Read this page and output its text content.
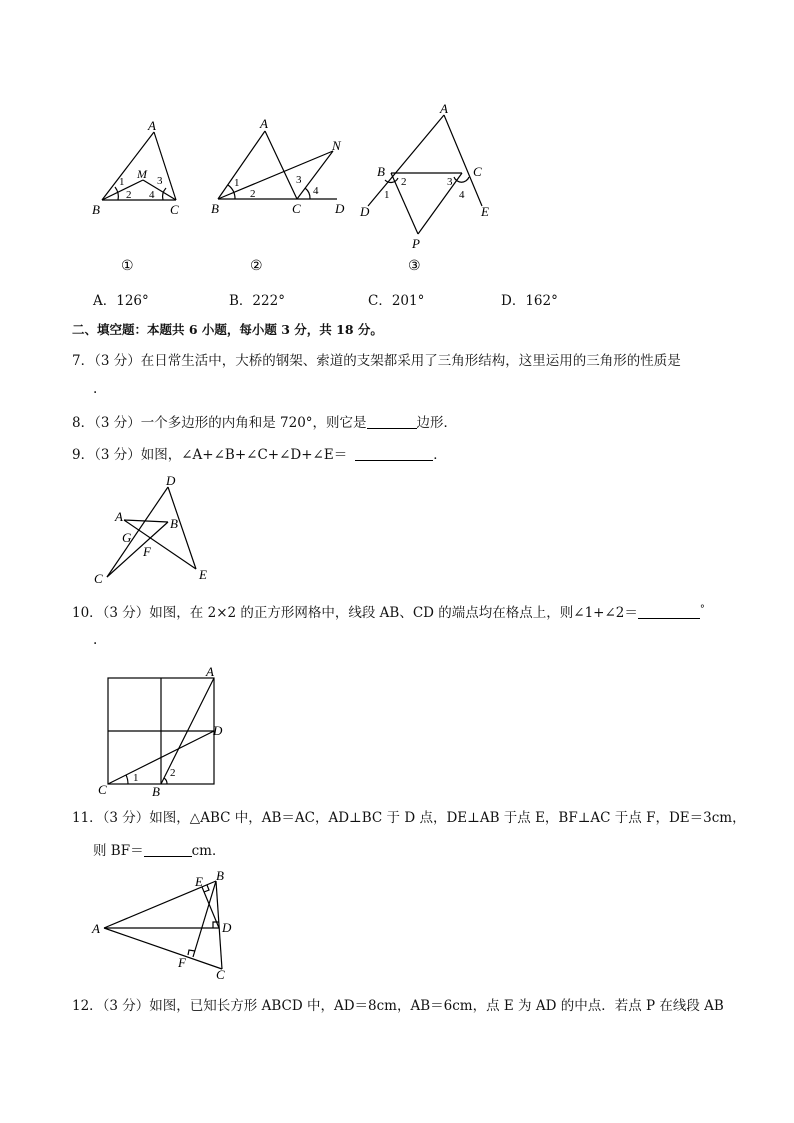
A
B	C
M
1
2
3
4
①
A
B	C	D
N
1
2
3
4
②
A
B	C
D	E
P
1
2	3
4
③
A．126°	B．222°	C．201°	D．162°
二、填空题：本题共 6 小题，每小题 3 分，共 18 分。
7．（3 分）在日常生活中，大桥的钢架、索道的支架都采用了三角形结构，这里运用的三角形的性质是
.
8．（3 分）一个多边形的内角和是 720°，则它是	边形．
9．（3 分）如图，∠A+∠B+∠C+∠D+∠E＝	．
D
A	B
G
F
C	E
10．（3 分）如图，在 2×2 的正方形网格中，线段 AB、CD 的端点均在格点上，则∠1+∠2＝	°
.
A
D
C	B
1	2
11．（3 分）如图，△ABC 中，AB＝AC，AD⊥BC 于 D 点，DE⊥AB 于点 E，BF⊥AC 于点 F，DE＝3cm，
则 BF＝	cm．
A
E B
D
F
C
12．（3 分）如图，已知长方形 ABCD 中，AD＝8cm，AB＝6cm，点 E 为 AD 的中点．若点 P 在线段 AB
